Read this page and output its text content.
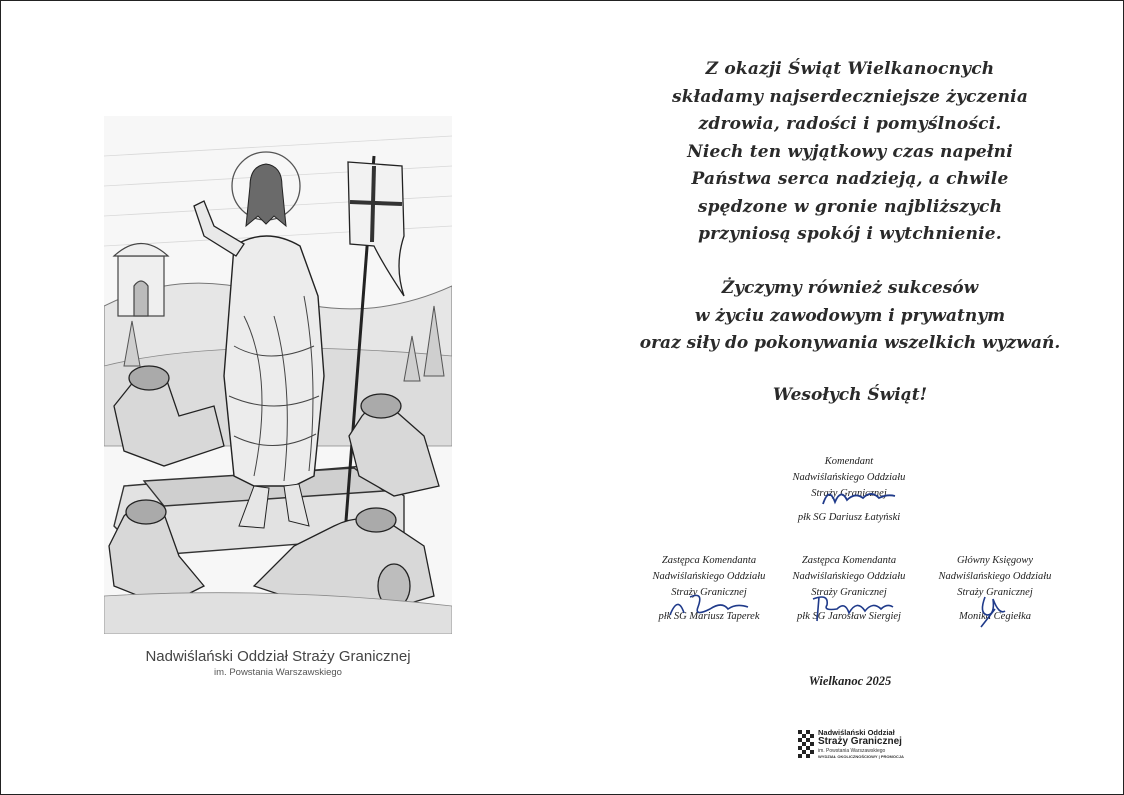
Nadwiślański Oddział Straży Granicznej
im. Powstania Warszawskiego
Z okazji Świąt Wielkanocnych
składamy najserdeczniejsze życzenia
zdrowia, radości i pomyślności.
Niech ten wyjątkowy czas napełni
Państwa serca nadzieją, a chwile
spędzone w gronie najbliższych
przyniosą spokój i wytchnienie.
Życzymy również sukcesów
w życiu zawodowym i prywatnym
oraz siły do pokonywania wszelkich wyzwań.
Wesołych Świąt!
Komendant
Nadwiślańskiego Oddziału
Straży Granicznej
płk SG Dariusz Łatyński
Zastępca Komendanta
Nadwiślańskiego Oddziału
Straży Granicznej
płk SG Mariusz Taperek
Zastępca Komendanta
Nadwiślańskiego Oddziału
Straży Granicznej
płk SG Jarosław Siergiej
Główny Księgowy
Nadwiślańskiego Oddziału
Straży Granicznej
Monika Cegiełka
Wielkanoc 2025
Nadwiślański Oddział
Straży Granicznej
im. Powstania Warszawskiego
WYDZIAŁ OKOLICZNOŚCIOWY | PROMOCJA
